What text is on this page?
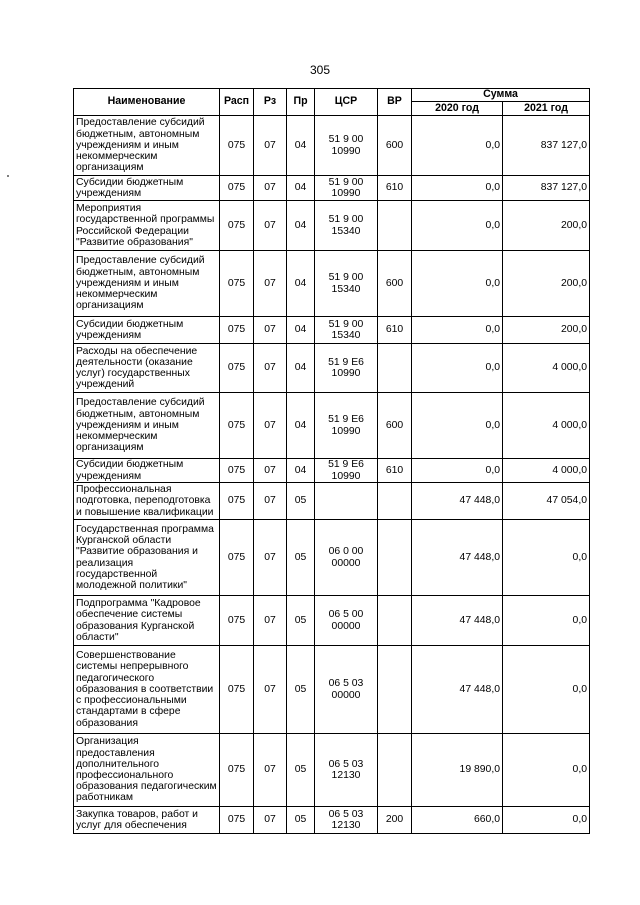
305
Наименование	Расп	Рз	Пр	ЦСР	ВР	Сумма	
						2020 год	2021 год
Предоставление субсидий бюджетным, автономным учреждениям и иным некоммерческим организациям	075	07	04	51 9 00 10990	600	0,0	837 127,0
Субсидии бюджетным учреждениям	075	07	04	51 9 00 10990	610	0,0	837 127,0
Мероприятия государственной программы Российской Федерации "Развитие образования"	075	07	04	51 9 00 15340		0,0	200,0
Предоставление субсидий бюджетным, автономным учреждениям и иным некоммерческим организациям	075	07	04	51 9 00 15340	600	0,0	200,0
Субсидии бюджетным учреждениям	075	07	04	51 9 00 15340	610	0,0	200,0
Расходы на обеспечение деятельности (оказание услуг) государственных учреждений	075	07	04	51 9 E6 10990		0,0	4 000,0
Предоставление субсидий бюджетным, автономным учреждениям и иным некоммерческим организациям	075	07	04	51 9 E6 10990	600	0,0	4 000,0
Субсидии бюджетным учреждениям	075	07	04	51 9 E6 10990	610	0,0	4 000,0
Профессиональная подготовка, переподготовка и повышение квалификации	075	07	05			47 448,0	47 054,0
Государственная программа Курганской области "Развитие образования и реализация государственной молодежной политики"	075	07	05	06 0 00 00000		47 448,0	0,0
Подпрограмма "Кадровое обеспечение системы образования Курганской области"	075	07	05	06 5 00 00000		47 448,0	0,0
Совершенствование системы непрерывного педагогического образования в соответствии с профессиональными стандартами в сфере образования	075	07	05	06 5 03 00000		47 448,0	0,0
Организация предоставления дополнительного профессионального образования педагогическим работникам	075	07	05	06 5 03 12130		19 890,0	0,0
Закупка товаров, работ и услуг для обеспечения	075	07	05	06 5 03 12130	200	660,0	0,0
